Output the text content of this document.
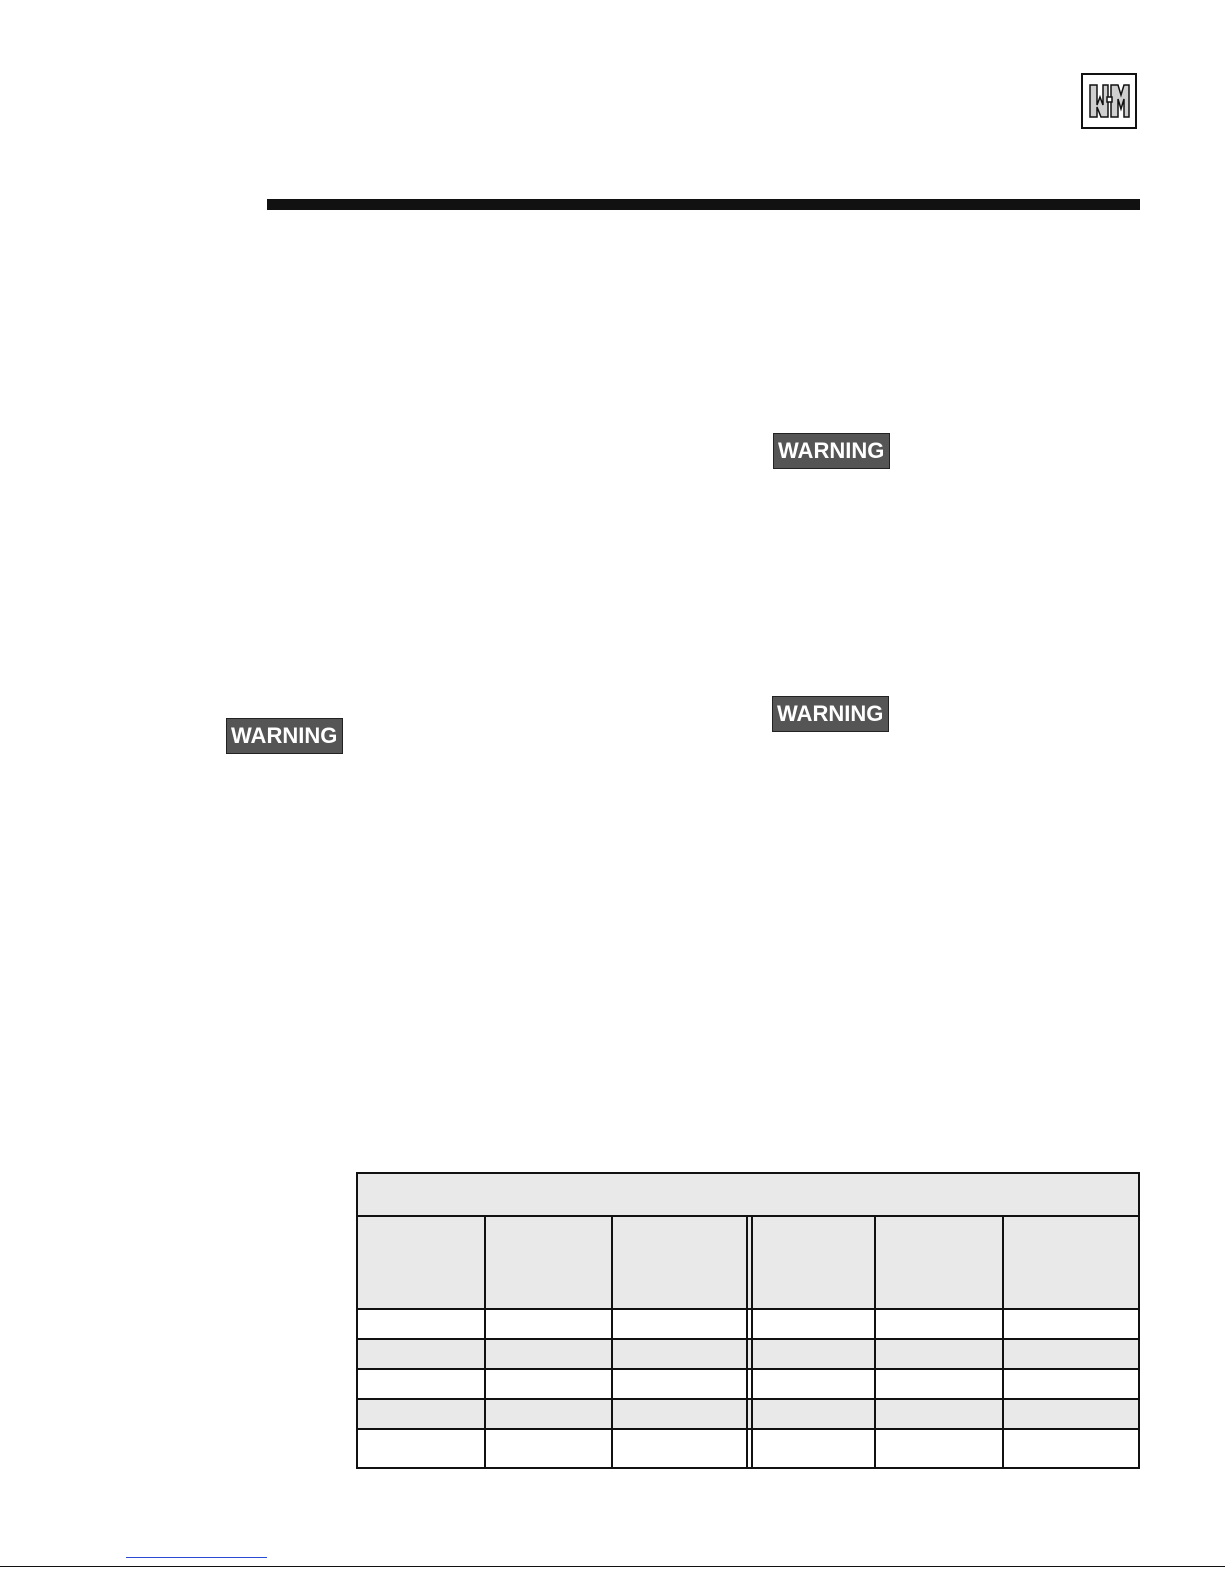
WARNING
WARNING
WARNING
